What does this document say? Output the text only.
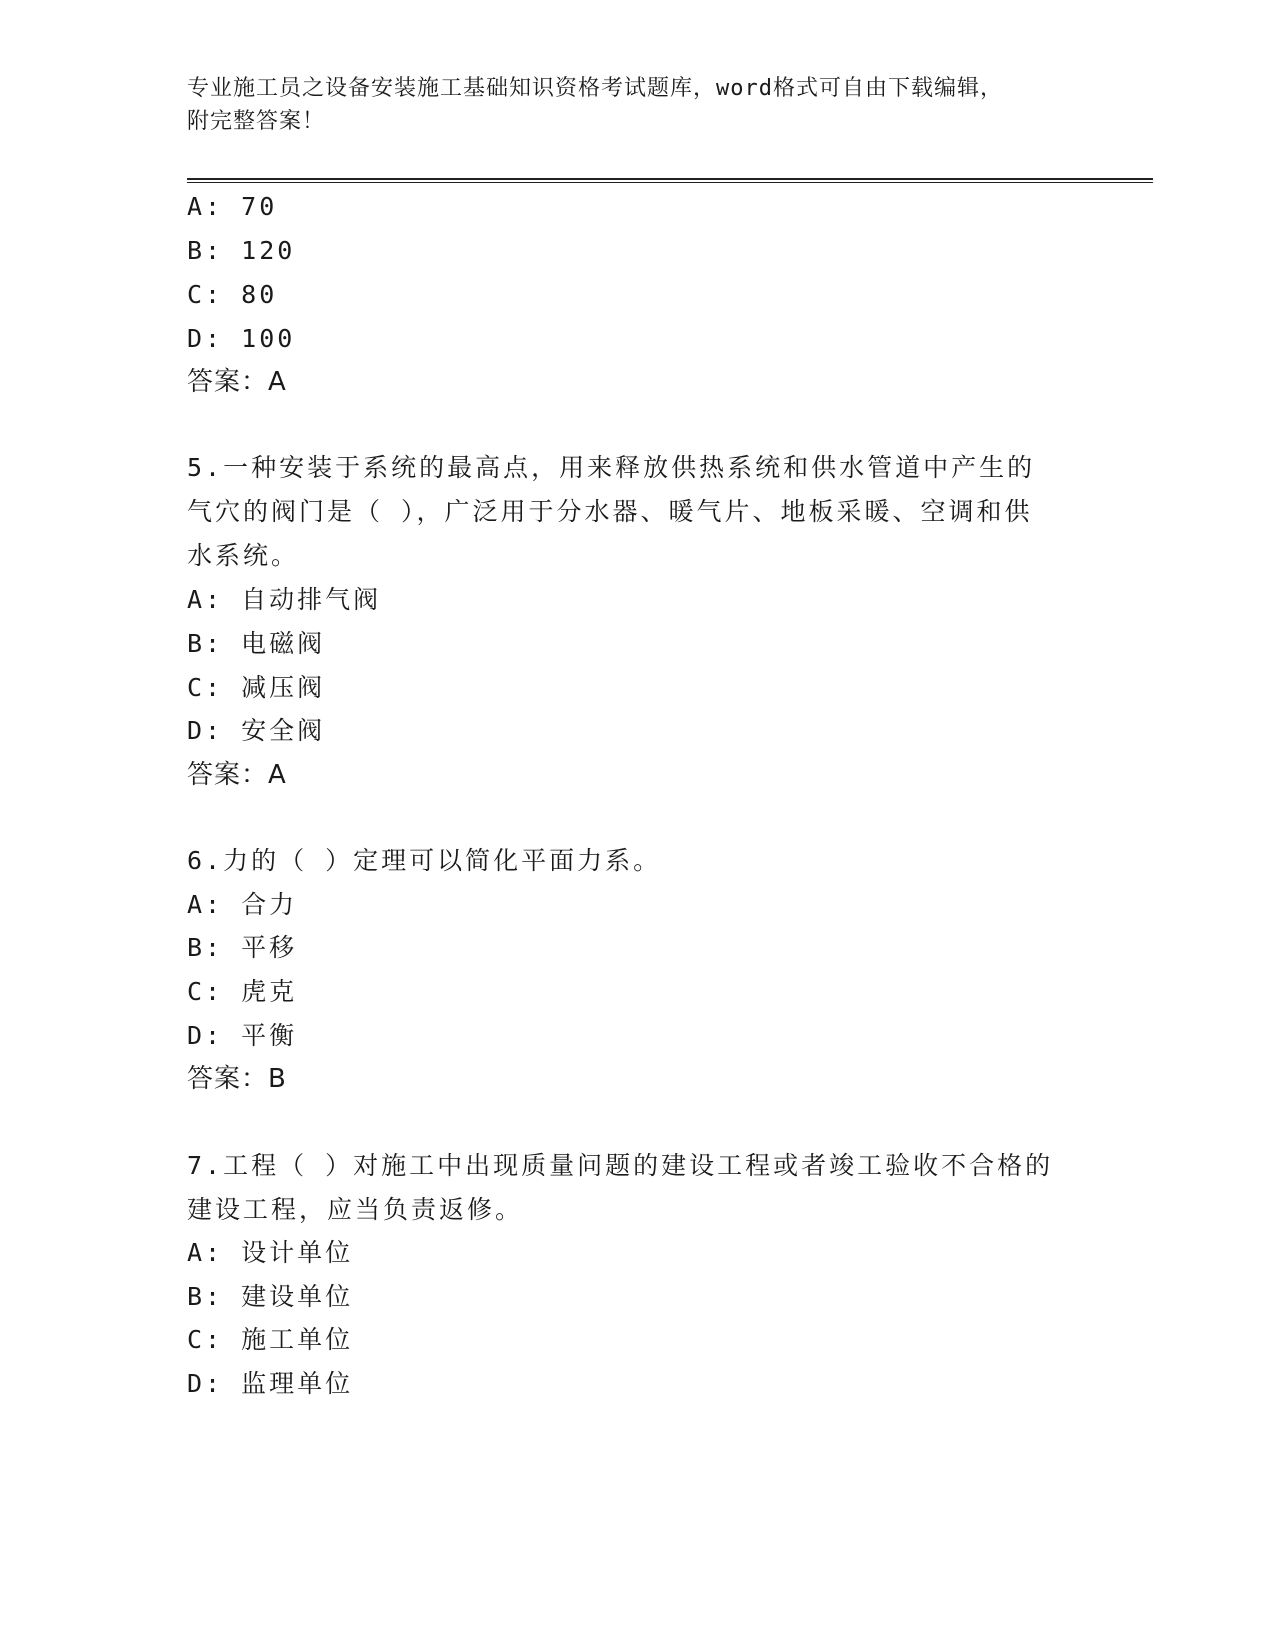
专业施工员之设备安装施工基础知识资格考试题库，word格式可自由下载编辑，
附完整答案！
A: 70
B: 120
C: 80
D: 100
答案：A
5.一种安装于系统的最高点，用来释放供热系统和供水管道中产生的
气穴的阀门是（ ），广泛用于分水器、暖气片、地板采暖、空调和供
水系统。
A: 自动排气阀
B: 电磁阀
C: 减压阀
D: 安全阀
答案：A
6.力的（ ）定理可以简化平面力系。
A: 合力
B: 平移
C: 虎克
D: 平衡
答案：B
7.工程（ ）对施工中出现质量问题的建设工程或者竣工验收不合格的
建设工程，应当负责返修。
A: 设计单位
B: 建设单位
C: 施工单位
D: 监理单位
